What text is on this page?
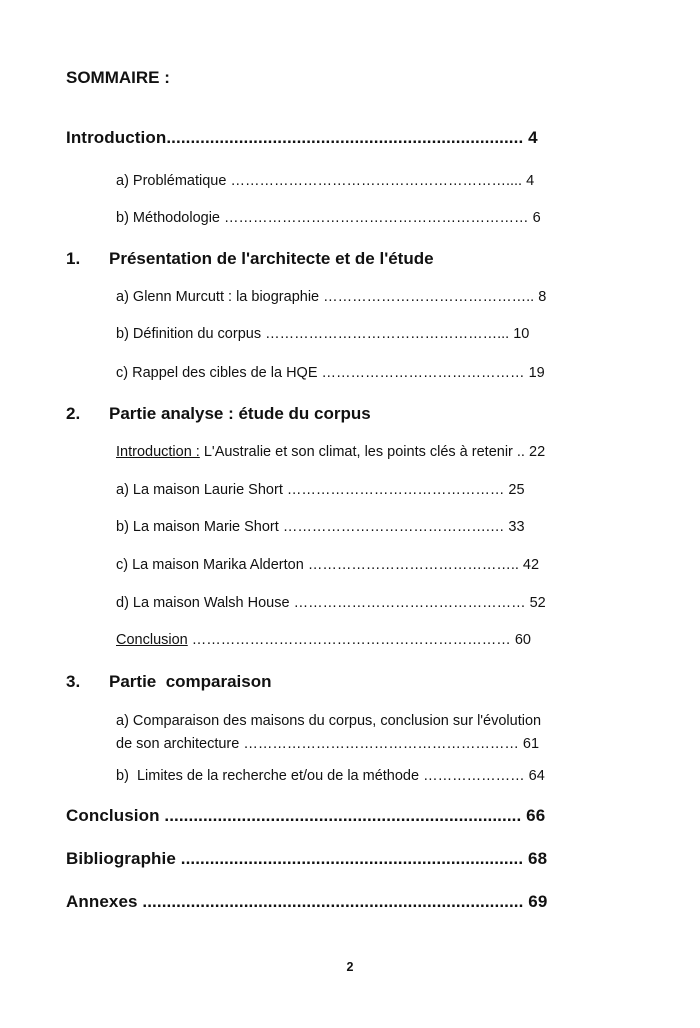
SOMMAIRE :
Introduction.......................................................................... 4
a) Problématique ………………………………………………….... 4
b) Méthodologie ……………………………………………………… 6
1. Présentation de l'architecte et de l'étude
a) Glenn Murcutt : la biographie …………………………………….. 8
b) Définition du corpus …………………………………………... 10
c) Rappel des cibles de la HQE …………………………………… 19
2. Partie analyse : étude du corpus
Introduction : L'Australie et son climat, les points clés à retenir .. 22
a) La maison Laurie Short ……………………………………… 25
b) La maison Marie Short …………………………………….… 33
c) La maison Marika Alderton …………………………………….. 42
d) La maison Walsh House ………………………………………… 52
Conclusion ………………………………………………………… 60
3. Partie  comparaison
a) Comparaison des maisons du corpus, conclusion sur l'évolution
de son architecture ………………………………………………… 61
b)  Limites de la recherche et/ou de la méthode ………………… 64
Conclusion .......................................................................... 66
Bibliographie ....................................................................... 68
Annexes ............................................................................... 69
2
